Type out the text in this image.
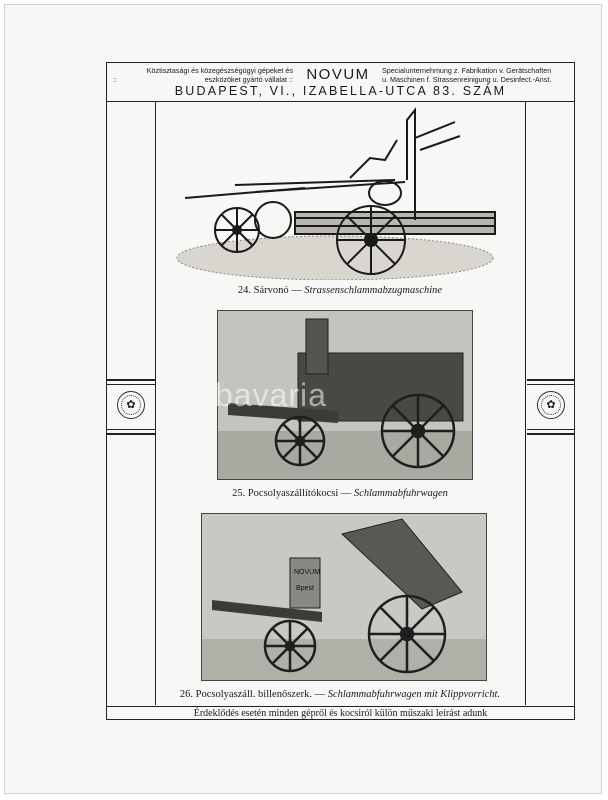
Köztisztasági és közegészségügyi gépeket és
::	eszközöket gyártó vállalat :: NOVUM	Specialunternehmung z. Fabrikation v. Gerätschaften
u. Maschinen f. Strassenreinigung u. Desinfect.-Anst.
BUDAPEST, VI., IZABELLA-UTCA 83. SZÁM
✿	✿
Érdeklődés esetén minden gépről és kocsiról külön műszaki leírást adunk
24. Sárvonó — Strassenschlammabzugmaschine
bavaria
25. Pocsolyaszállítókocsi — Schlammabfuhrwagen
NOVUM
Bpest
26. Pocsolyaszáll. billenőszerk. — Schlammabfuhrwagen mit Klippvorricht.
